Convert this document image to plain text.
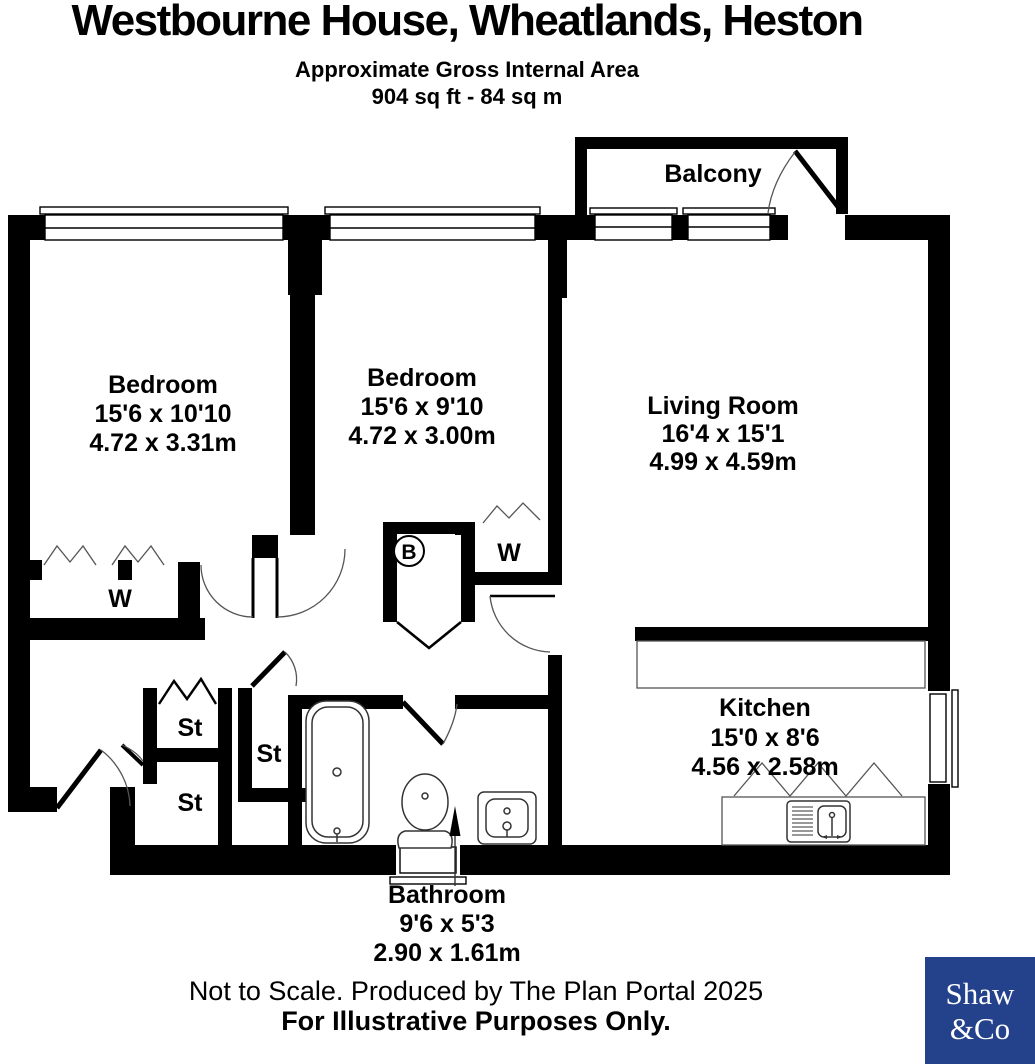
Westbourne House, Wheatlands, Heston
Approximate Gross Internal Area
904 sq ft - 84 sq m
Bedroom
15'6 x 10'10
4.72 x 3.31m
Bedroom
15'6 x 9'10
4.72 x 3.00m
Living Room
16'4 x 15'1
4.99 x 4.59m
Kitchen
15'0 x 8'6
4.56 x 2.58m
Bathroom
9'6 x 5'3
2.90 x 1.61m
Balcony
W
W
St
St
St
B
Not to Scale. Produced by The Plan Portal 2025
For Illustrative Purposes Only.
Shaw
&Co
